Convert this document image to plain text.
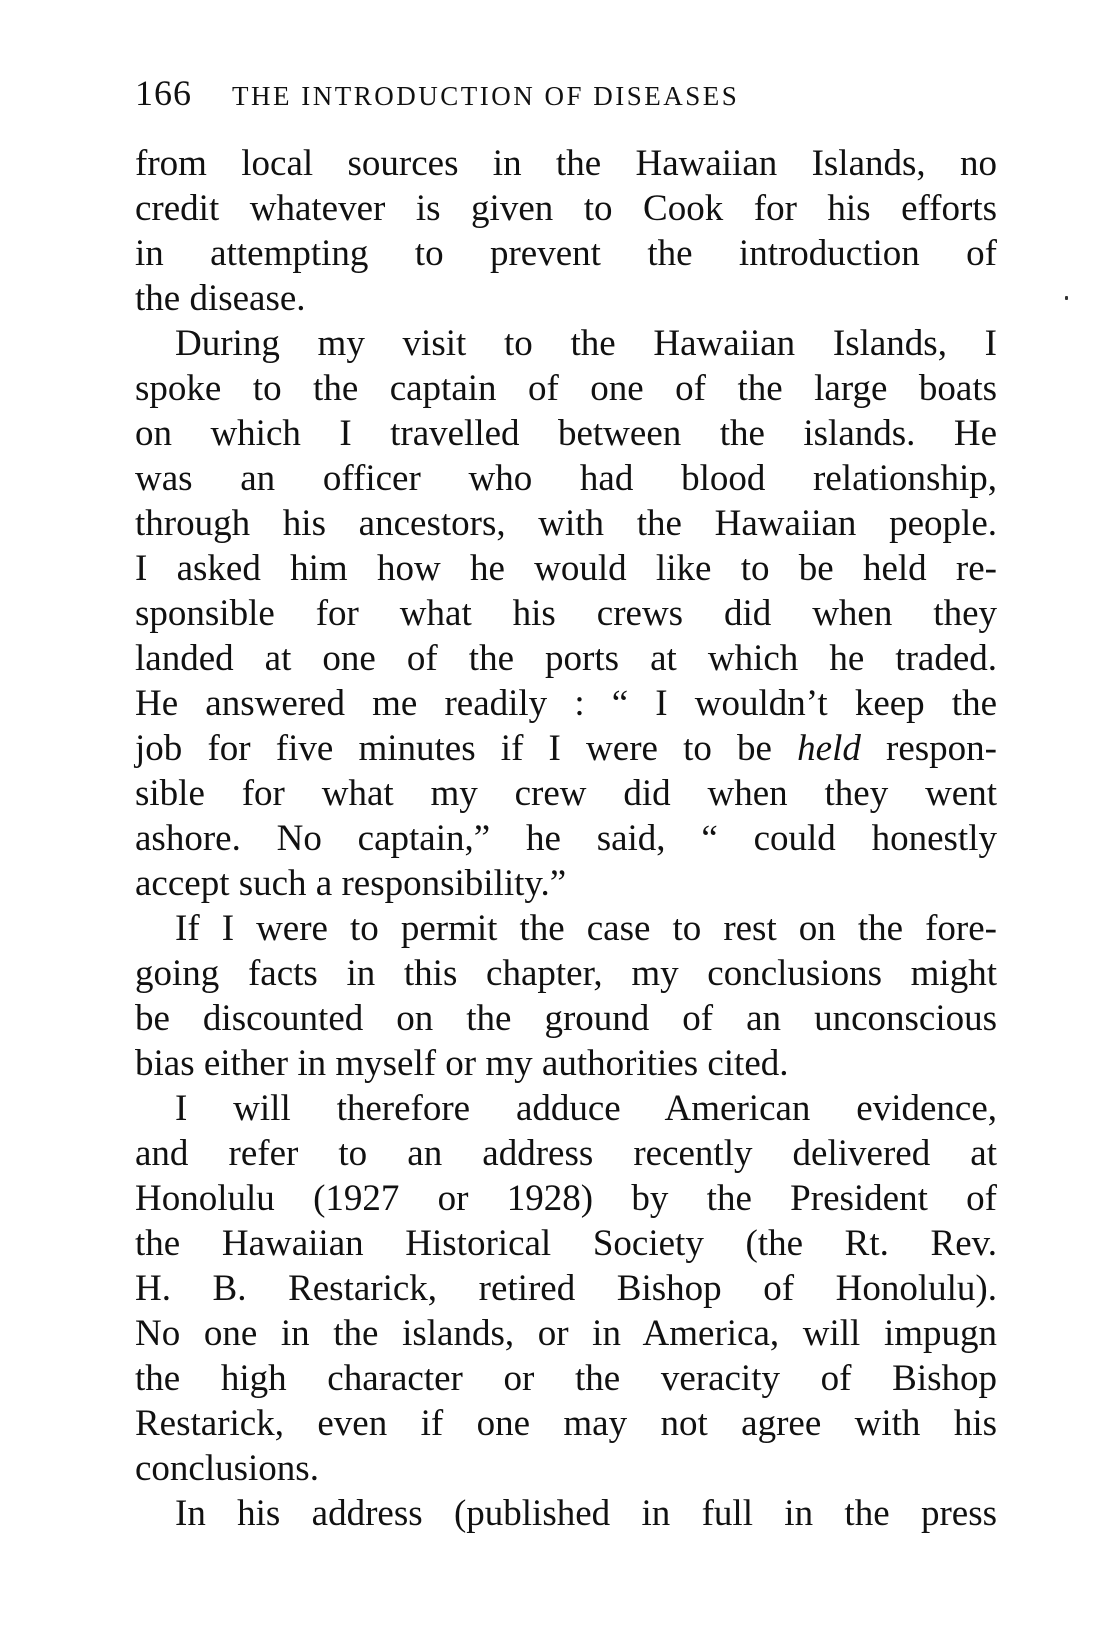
166 THE INTRODUCTION OF DISEASES
from local sources in the Hawaiian Islands, no
credit whatever is given to Cook for his efforts
in attempting to prevent the introduction of
the disease.
During my visit to the Hawaiian Islands, I
spoke to the captain of one of the large boats
on which I travelled between the islands. He
was an officer who had blood relationship,
through his ancestors, with the Hawaiian people.
I asked him how he would like to be held re-
sponsible for what his crews did when they
landed at one of the ports at which he traded.
He answered me readily : “ I wouldn’t keep the
job for five minutes if I were to be held respon-
sible for what my crew did when they went
ashore. No captain,” he said, “ could honestly
accept such a responsibility.”
If I were to permit the case to rest on the fore-
going facts in this chapter, my conclusions might
be discounted on the ground of an unconscious
bias either in myself or my authorities cited.
I will therefore adduce American evidence,
and refer to an address recently delivered at
Honolulu (1927 or 1928) by the President of
the Hawaiian Historical Society (the Rt. Rev.
H. B. Restarick, retired Bishop of Honolulu).
No one in the islands, or in America, will impugn
the high character or the veracity of Bishop
Restarick, even if one may not agree with his
conclusions.
In his address (published in full in the press
